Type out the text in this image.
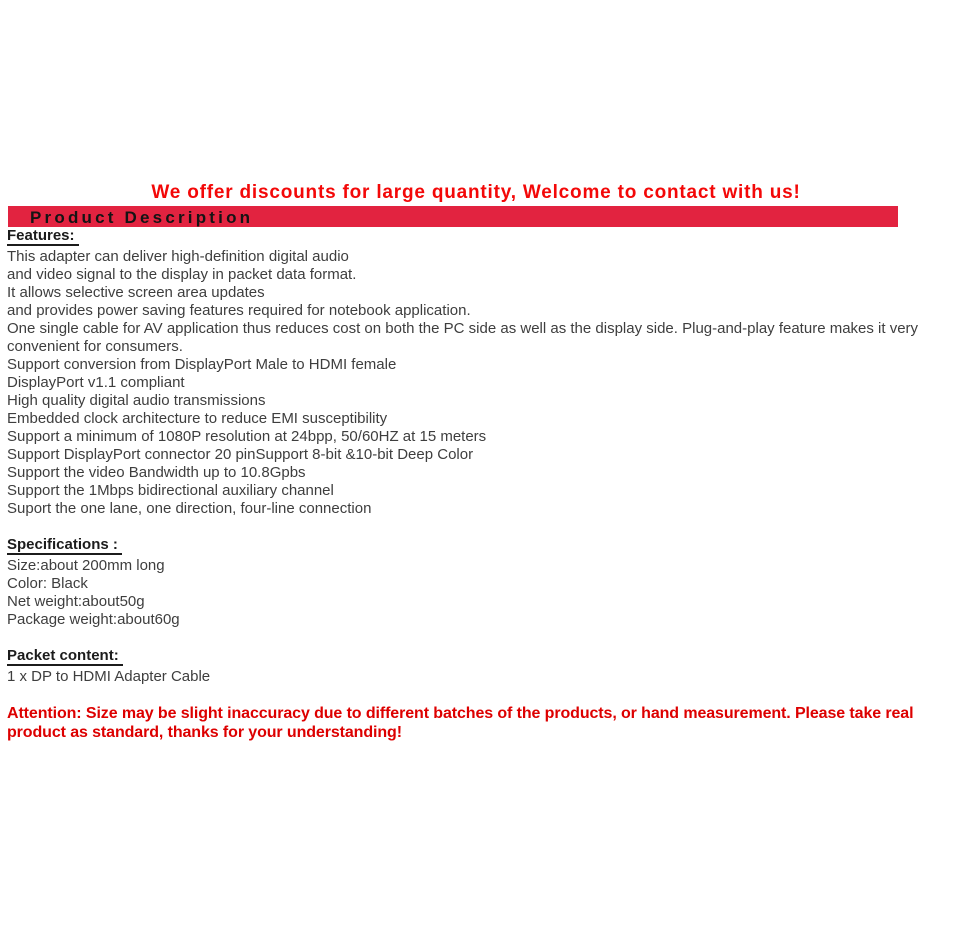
We offer discounts for large quantity, Welcome to contact with us!
Product Description
Features:
This adapter can deliver high-definition digital audio
and video signal to the display in packet data format.
It allows selective screen area updates
and provides power saving features required for notebook application.
One single cable for AV application thus reduces cost on both the PC side as well as the display side. Plug-and-play feature makes it very convenient for consumers.
Support conversion from DisplayPort Male to HDMI female
DisplayPort v1.1 compliant
High quality digital audio transmissions
Embedded clock architecture to reduce EMI susceptibility
Support a minimum of 1080P resolution at 24bpp, 50/60HZ at 15 meters
Support DisplayPort connector 20 pinSupport 8-bit &10-bit Deep Color
Support the video Bandwidth up to 10.8Gpbs
Support the 1Mbps bidirectional auxiliary channel
Suport the one lane, one direction, four-line connection
Specifications :
Size:about 200mm long
Color: Black
Net weight:about50g
Package weight:about60g
Packet content:
1 x DP to HDMI Adapter Cable
Attention: Size may be slight inaccuracy due to different batches of the products, or hand measurement. Please take real product as standard, thanks for your understanding!
